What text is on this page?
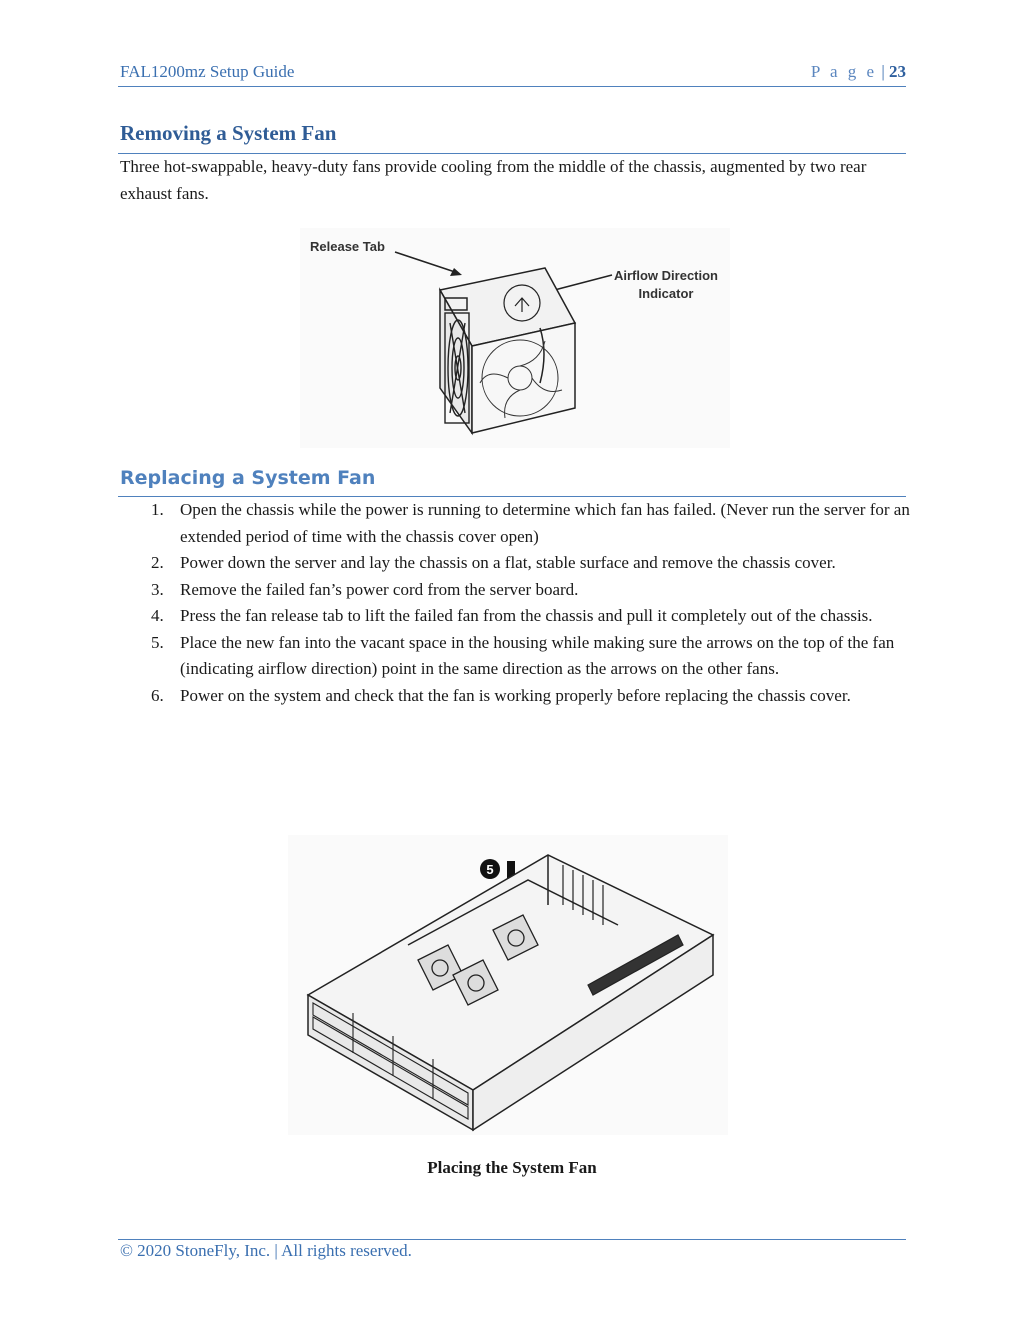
FAL1200mz Setup Guide	P a g e | 23
Removing a System Fan
Three hot-swappable, heavy-duty fans provide cooling from the middle of the chassis, augmented by two rear exhaust fans.
Release Tab
Airflow Direction
Indicator
Replacing a System Fan
1. Open the chassis while the power is running to determine which fan has failed. (Never run the server for an extended period of time with the chassis cover open)
2. Power down the server and lay the chassis on a flat, stable surface and remove the chassis cover.
3. Remove the failed fan’s power cord from the server board.
4. Press the fan release tab to lift the failed fan from the chassis and pull it completely out of the chassis.
5. Place the new fan into the vacant space in the housing while making sure the arrows on the top of the fan (indicating airflow direction) point in the same direction as the arrows on the other fans.
6. Power on the system and check that the fan is working properly before replacing the chassis cover.
5
Placing the System Fan
© 2020 StoneFly, Inc. | All rights reserved.
